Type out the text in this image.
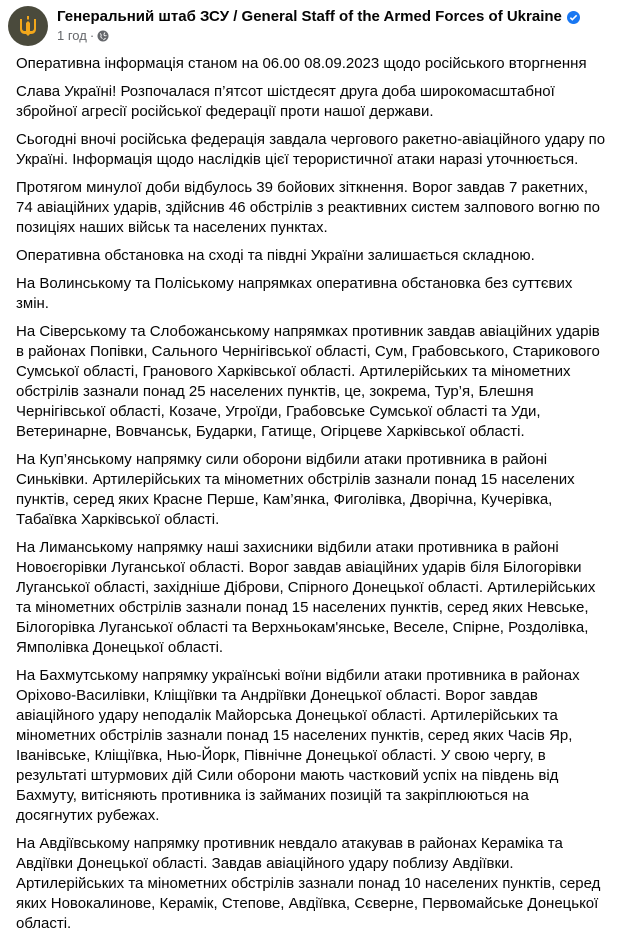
Генеральний штаб ЗСУ / General Staff of the Armed Forces of Ukraine
1 год ·

Оперативна інформація станом на 06.00 08.09.2023 щодо російського вторгнення

Слава Україні! Розпочалася п’ятсот шістдесят друга доба широкомасштабної збройної агресії російської федерації проти нашої держави.

Сьогодні вночі російська федерація завдала чергового ракетно-авіаційного удару по Україні. Інформація щодо наслідків цієї терористичної атаки наразі уточнюється.

Протягом минулої доби відбулось 39 бойових зіткнення. Ворог завдав 7 ракетних, 74 авіаційних ударів, здійснив 46 обстрілів з реактивних систем залпового вогню по позиціях наших військ та населених пунктах.

Оперативна обстановка на сході та півдні України залишається складною.

На Волинському та Поліському напрямках оперативна обстановка без суттєвих змін.

На Сіверському та Слобожанському напрямках противник завдав авіаційних ударів в районах Попівки, Сального Чернігівської області, Сум, Грабовського, Старикового Сумської області, Гранового Харківської області. Артилерійських та мінометних обстрілів зазнали понад 25 населених пунктів, це, зокрема, Тур’я, Блешня Чернігівської області, Козаче, Угроїди, Грабовське Сумської області та Уди, Ветеринарне, Вовчанськ, Бударки, Гатище, Огірцеве Харківської області.

На Куп’янському напрямку сили оборони відбили атаки противника в районі Синьківки. Артилерійських та мінометних обстрілів зазнали понад 15 населених пунктів, серед яких Красне Перше, Кам’янка, Фиголівка, Дворічна, Кучерівка, Табаївка Харківської області.

На Лиманському напрямку наші захисники відбили атаки противника в районі Новоєгорівки Луганської області. Ворог завдав авіаційних ударів біля Білогорівки Луганської області, західніше Діброви, Спірного Донецької області. Артилерійських та мінометних обстрілів зазнали понад 15 населених пунктів, серед яких Невське, Білогорівка Луганської області та Верхньокам'янське, Веселе, Спірне, Роздолівка, Ямполівка Донецької області.

На Бахмутському напрямку українські воїни відбили атаки противника в районах Оріхово-Василівки, Кліщіївки та Андріївки Донецької області. Ворог завдав авіаційного удару неподалік Майорська Донецької області. Артилерійських та мінометних обстрілів зазнали понад 15 населених пунктів, серед яких Часів Яр, Іванівське, Кліщіївка, Нью-Йорк, Північне Донецької області. У свою чергу, в результаті штурмових дій Сили оборони мають частковий успіх на південь від Бахмуту, витісняють противника із займаних позицій та закріплюються на досягнутих рубежах.

На Авдіївському напрямку противник невдало атакував в районах Кераміка та Авдіївки Донецької області. Завдав авіаційного удару поблизу Авдіївки. Артилерійських та мінометних обстрілів зазнали понад 10 населених пунктів, серед яких Новокалинове, Керамік, Степове, Авдіївка, Сєверне, Первомайське Донецької області.
